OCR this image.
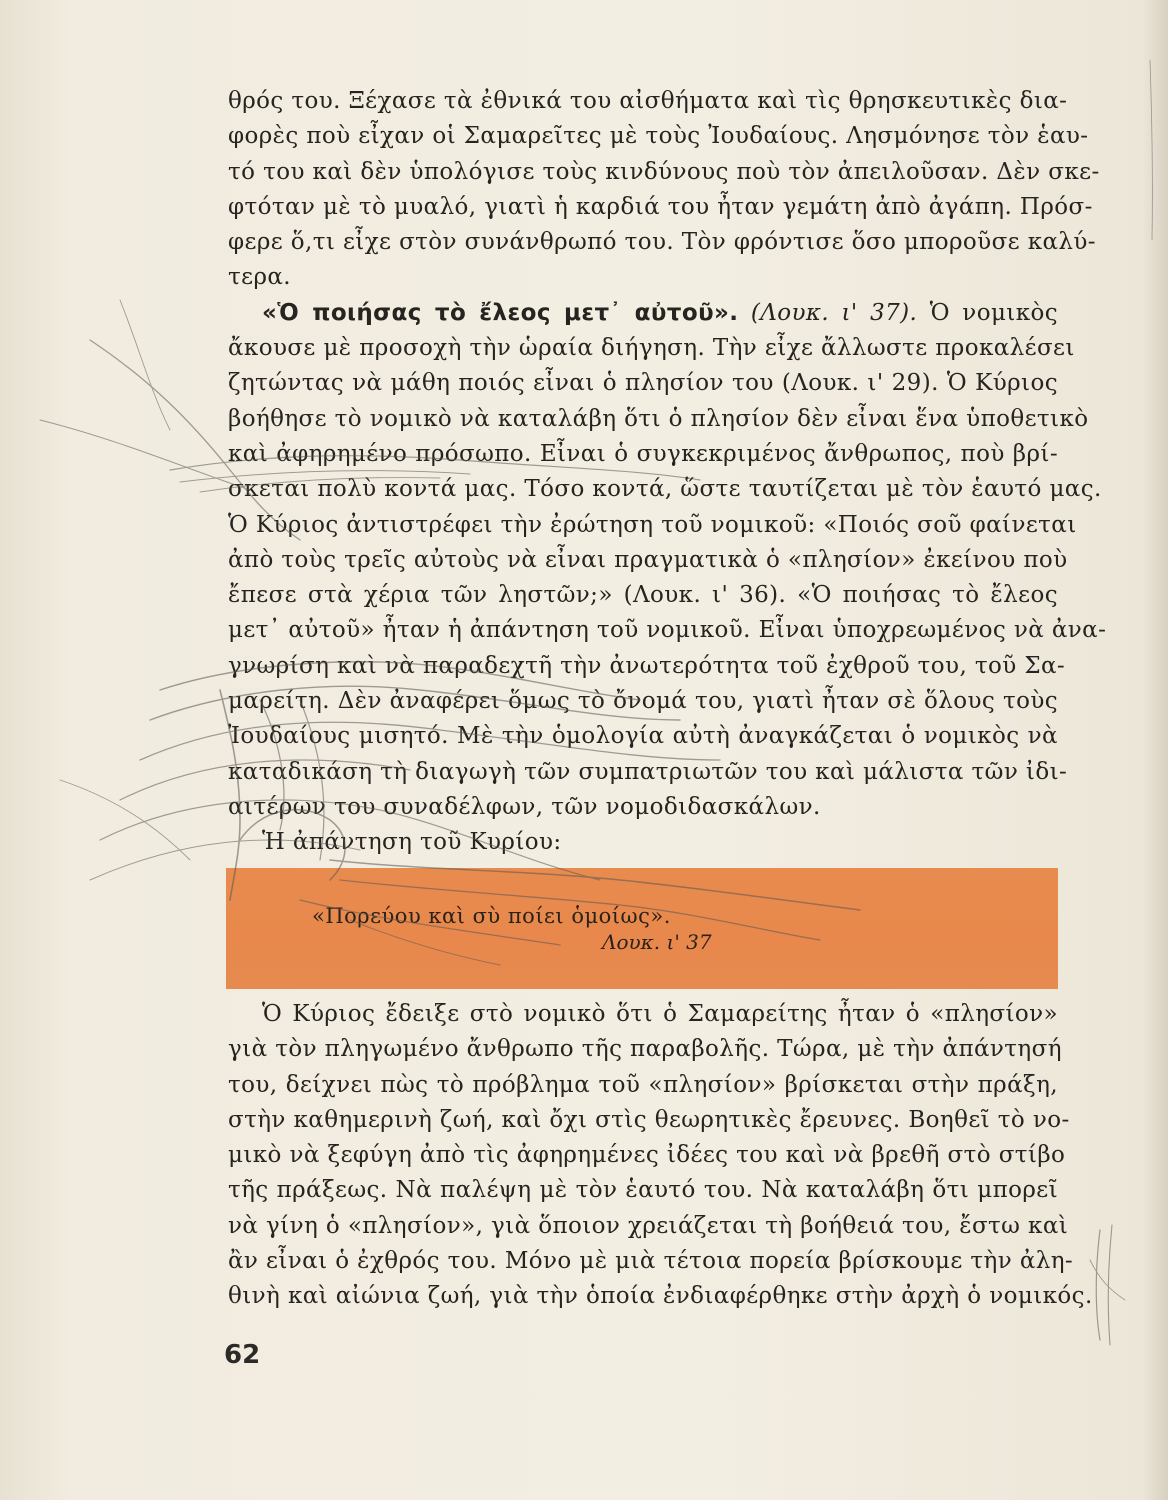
θρός του. Ξέχασε τὰ ἐθνικά του αἰσθήματα καὶ τὶς θρησκευτικὲς δια-
φορὲς ποὺ εἶχαν οἱ Σαμαρεῖτες μὲ τοὺς Ἰουδαίους. Λησμόνησε τὸν ἑαυ-
τό του καὶ δὲν ὑπολόγισε τοὺς κινδύνους ποὺ τὸν ἀπειλοῦσαν. Δὲν σκε-
φτόταν μὲ τὸ μυαλό, γιατὶ ἡ καρδιά του ἦταν γεμάτη ἀπὸ ἀγάπη. Πρόσ-
φερε ὅ,τι εἶχε στὸν συνάνθρωπό του. Τὸν φρόντισε ὅσο μποροῦσε καλύ-
τερα.
«Ὁ ποιήσας τὸ ἔλεος μετ᾽ αὐτοῦ». (Λουκ. ι' 37). Ὁ νομικὸς
ἄκουσε μὲ προσοχὴ τὴν ὡραία διήγηση. Τὴν εἶχε ἄλλωστε προκαλέσει
ζητώντας νὰ μάθη ποιός εἶναι ὁ πλησίον του (Λουκ. ι' 29). Ὁ Κύριος
βοήθησε τὸ νομικὸ νὰ καταλάβη ὅτι ὁ πλησίον δὲν εἶναι ἕνα ὑποθετικὸ
καὶ ἀφηρημένο πρόσωπο. Εἶναι ὁ συγκεκριμένος ἄνθρωπος, ποὺ βρί-
σκεται πολὺ κοντά μας. Τόσο κοντά, ὥστε ταυτίζεται μὲ τὸν ἑαυτό μας.
Ὁ Κύριος ἀντιστρέφει τὴν ἐρώτηση τοῦ νομικοῦ: «Ποιός σοῦ φαίνεται
ἀπὸ τοὺς τρεῖς αὐτοὺς νὰ εἶναι πραγματικὰ ὁ «πλησίον» ἐκείνου ποὺ
ἔπεσε στὰ χέρια τῶν ληστῶν;» (Λουκ. ι' 36). «Ὁ ποιήσας τὸ ἔλεος
μετ᾽ αὐτοῦ» ἦταν ἡ ἀπάντηση τοῦ νομικοῦ. Εἶναι ὑποχρεωμένος νὰ ἀνα-
γνωρίση καὶ νὰ παραδεχτῆ τὴν ἀνωτερότητα τοῦ ἐχθροῦ του, τοῦ Σα-
μαρείτη. Δὲν ἀναφέρει ὅμως τὸ ὄνομά του, γιατὶ ἦταν σὲ ὅλους τοὺς
Ἰουδαίους μισητό. Μὲ τὴν ὁμολογία αὐτὴ ἀναγκάζεται ὁ νομικὸς νὰ
καταδικάση τὴ διαγωγὴ τῶν συμπατριωτῶν του καὶ μάλιστα τῶν ἰδι-
αιτέρων του συναδέλφων, τῶν νομοδιδασκάλων.
Ἡ ἀπάντηση τοῦ Κυρίου:
«Πορεύου καὶ σὺ ποίει ὁμοίως».
Λουκ. ι' 37
Ὁ Κύριος ἔδειξε στὸ νομικὸ ὅτι ὁ Σαμαρείτης ἦταν ὁ «πλησίον»
γιὰ τὸν πληγωμένο ἄνθρωπο τῆς παραβολῆς. Τώρα, μὲ τὴν ἀπάντησή
του, δείχνει πὼς τὸ πρόβλημα τοῦ «πλησίον» βρίσκεται στὴν πράξη,
στὴν καθημερινὴ ζωή, καὶ ὄχι στὶς θεωρητικὲς ἔρευνες. Βοηθεῖ τὸ νο-
μικὸ νὰ ξεφύγη ἀπὸ τὶς ἀφηρημένες ἰδέες του καὶ νὰ βρεθῆ στὸ στίβο
τῆς πράξεως. Νὰ παλέψη μὲ τὸν ἑαυτό του. Νὰ καταλάβη ὅτι μπορεῖ
νὰ γίνη ὁ «πλησίον», γιὰ ὅποιον χρειάζεται τὴ βοήθειά του, ἔστω καὶ
ἂν εἶναι ὁ ἐχθρός του. Μόνο μὲ μιὰ τέτοια πορεία βρίσκουμε τὴν ἀλη-
θινὴ καὶ αἰώνια ζωή, γιὰ τὴν ὁποία ἐνδιαφέρθηκε στὴν ἀρχὴ ὁ νομικός.
62
